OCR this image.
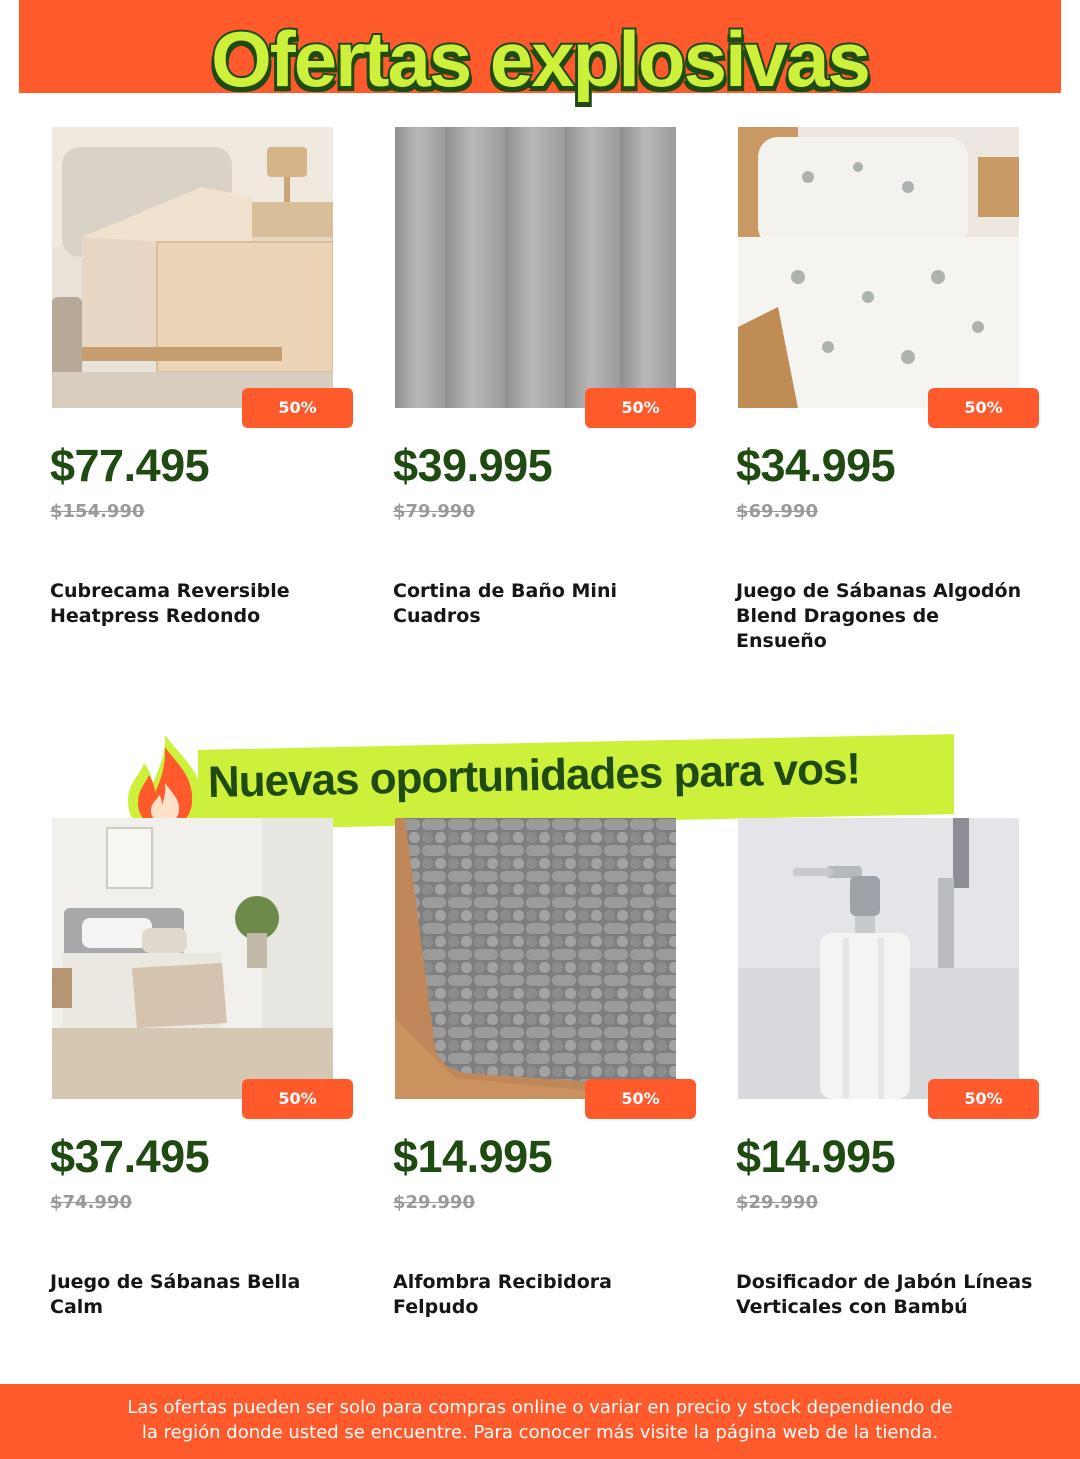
Ofertas explosivas
50%
$77.495
$154.990
Cubrecama Reversible Heatpress Redondo
50%
$39.995
$79.990
Cortina de Baño Mini Cuadros
50%
$34.995
$69.990
Juego de Sábanas Algodón Blend Dragones de Ensueño
Nuevas oportunidades para vos!
50%
$37.495
$74.990
Juego de Sábanas Bella Calm
50%
$14.995
$29.990
Alfombra Recibidora Felpudo
50%
$14.995
$29.990
Dosificador de Jabón Líneas Verticales con Bambú
Las ofertas pueden ser solo para compras online o variar en precio y stock dependiendo de
la región donde usted se encuentre. Para conocer más visite la página web de la tienda.
